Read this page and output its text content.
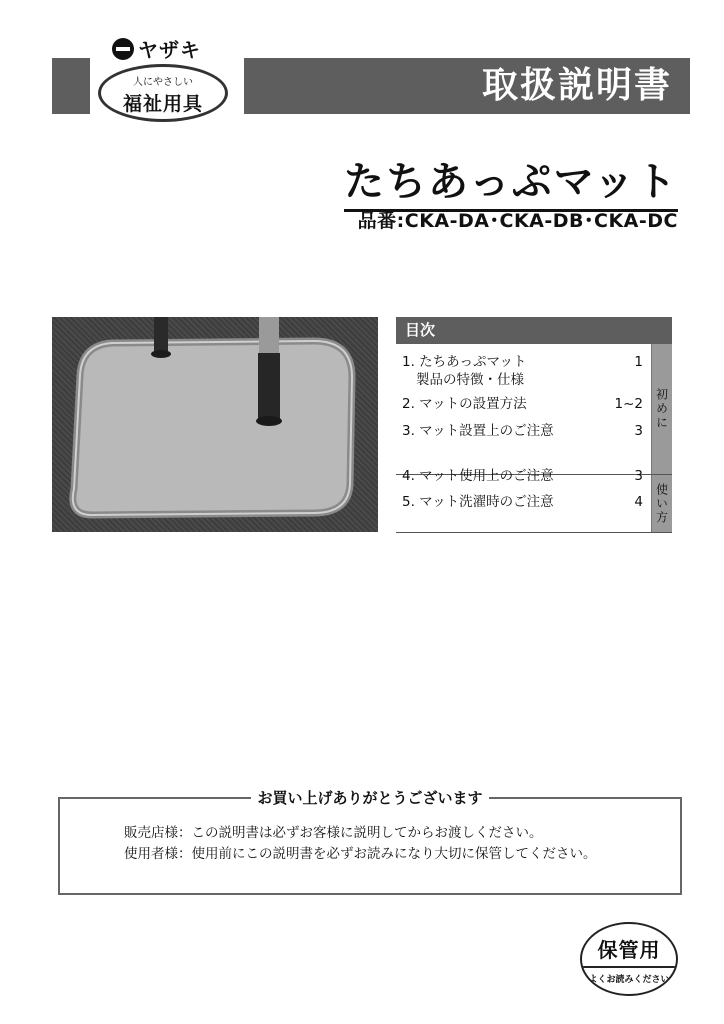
取扱説明書
ヤザキ
人にやさしい
福祉用具
たちあっぷマット
品番:CKA-DA･CKA-DB･CKA-DC
目次
初めに
使い方
1. たちあっぷマット	1
製品の特徴・仕様
2. マットの設置方法	1~2
3. マット設置上のご注意	3
4. マット使用上のご注意	3
5. マット洗濯時のご注意	4
お買い上げありがとうございます
販売店様：この説明書は必ずお客様に説明してからお渡しください。
使用者様：使用前にこの説明書を必ずお読みになり大切に保管してください。
保管用
よくお読みください
